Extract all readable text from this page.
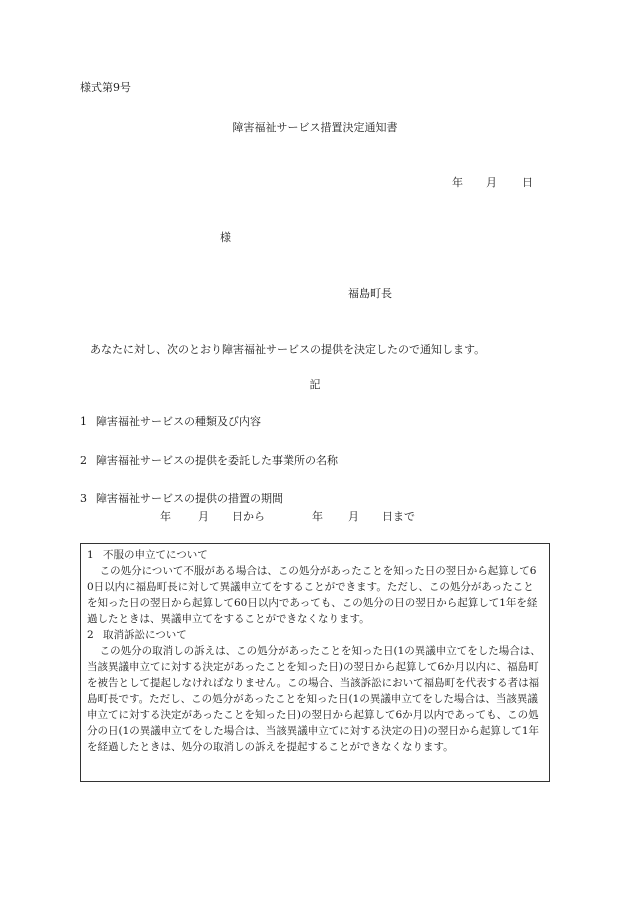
様式第9号
障害福祉サービス措置決定通知書
年 月 日
様
福島町長
あなたに対し、次のとおり障害福祉サービスの提供を決定したので通知します。
記
1 障害福祉サービスの種類及び内容
2 障害福祉サービスの提供を委託した事業所の名称
3 障害福祉サービスの提供の措置の期間
年 月 日から	年 月 日まで

1 不服の申立てについて

この処分について不服がある場合は、この処分があったことを知った日の翌日から起算して60日以内に福島町長に対して異議申立てをすることができます。ただし、この処分があったことを知った日の翌日から起算して60日以内であっても、この処分の日の翌日から起算して1年を経過したときは、異議申立てをすることができなくなります。

2 取消訴訟について

この処分の取消しの訴えは、この処分があったことを知った日(1の異議申立てをした場合は、当該異議申立てに対する決定があったことを知った日)の翌日から起算して6か月以内に、福島町を被告として提起しなければなりません。この場合、当該訴訟において福島町を代表する者は福島町長です。ただし、この処分があったことを知った日(1の異議申立てをした場合は、当該異議申立てに対する決定があったことを知った日)の翌日から起算して6か月以内であっても、この処分の日(1の異議申立てをした場合は、当該異議申立てに対する決定の日)の翌日から起算して1年を経過したときは、処分の取消しの訴えを提起することができなくなります。
